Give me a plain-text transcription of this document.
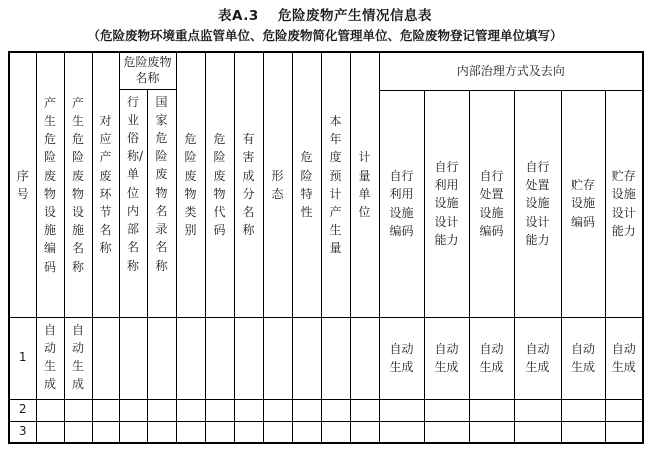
表A.3　 危险废物产生情况信息表
（危险废物环境重点监管单位、危险废物简化管理单位、危险废物登记管理单位填写）
序号	产生危险废物设施编码	产生危险废物设施名称	对应产废环节名称	危险废物名称		危险废物类别	危险废物代码	有害成分名称	形态	危险特性	本年度预计产生量	计量单位	内部治理方式及去向					
				行业俗称/单位内部名称	国家危险废物名录名称													
													自行利用设施编码	自行利用设施设计能力	自行处置设施编码	自行处置设施设计能力	贮存设施编码	贮存设施设计能力
1	自动生成	自动生成											自动生成	自动生成	自动生成	自动生成	自动生成	自动生成
2																		
3																		
